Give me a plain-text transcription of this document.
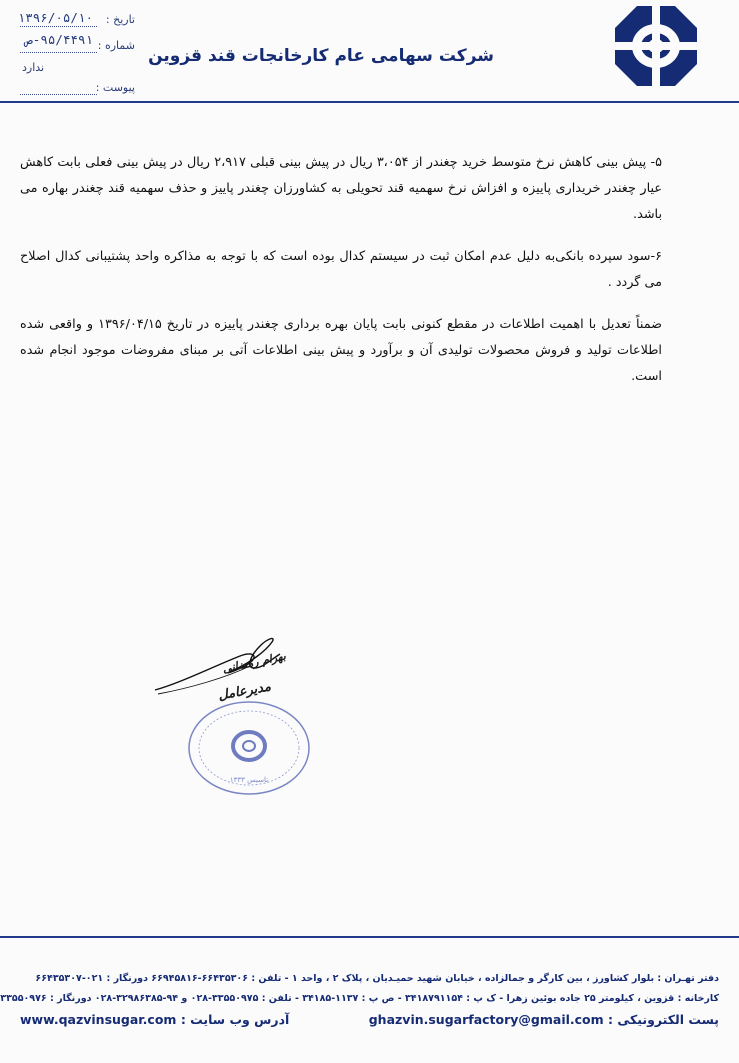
شرکت سهامی عام کارخانجات قند قزوین
تاریخ :
۱۳۹۶/۰۵/۱۰
شماره :
۹۵/۴۴۹۱-ص
پیوست :
ندارد

۵- پیش بینی کاهش نرخ متوسط خرید چغندر از ۳،۰۵۴ ریال در پیش بینی قبلی ۲،۹۱۷ ریال در پیش بینی فعلی بابت کاهش عیار چغندر خریداری پاییزه و افزاش نرخ سهمیه قند تحویلی به کشاورزان چغندر پاییز و حذف سهمیه قند چغندر بهاره می باشد.

۶-سود سپرده بانکی‌به دلیل عدم امکان ثبت در سیستم کدال بوده است که با توجه به مذاکره واحد پشتیبانی کدال اصلاح می گردد .

ضمناً تعدیل با اهمیت اطلاعات در مقطع کنونی بابت پایان بهره برداری چغندر پاییزه در تاریخ ۱۳۹۶/۰۴/۱۵ و واقعی شده اطلاعات تولید و فروش محصولات تولیدی آن و برآورد و پیش بینی اطلاعات آتی بر مبنای مفروضات موجود انجام شده است.

بهرام رمضانی
مدیرعامل
تاسیس ۱۳۳۳
دفتر تهـران : بلوار کشاورز ، بین کارگر و جمالزاده ، خیابان شهید حمیـدیان ، پلاک ۲ ، واحد ۱ - تلفن : ۶۶۴۳۵۳۰۶-۶۶۹۴۵۸۱۶ دورنگار : ۰۲۱-۶۶۴۳۵۳۰۷
کارخانه : قزوین ، کیلومتر ۲۵ جاده بوئین زهرا - ک پ : ۳۴۱۸۷۹۱۱۵۴ - ص پ : ۱۱۳۷-۳۴۱۸۵ - تلفن : ۳۳۵۵۰۹۷۵-۰۲۸ و ۹۴-۳۲۹۸۶۳۸۵-۰۲۸ دورنگار : ۳۳۵۵۰۹۷۶
پست الکترونیکی : ghazvin.sugarfactory@gmail.com
آدرس وب سایت : www.qazvinsugar.com
